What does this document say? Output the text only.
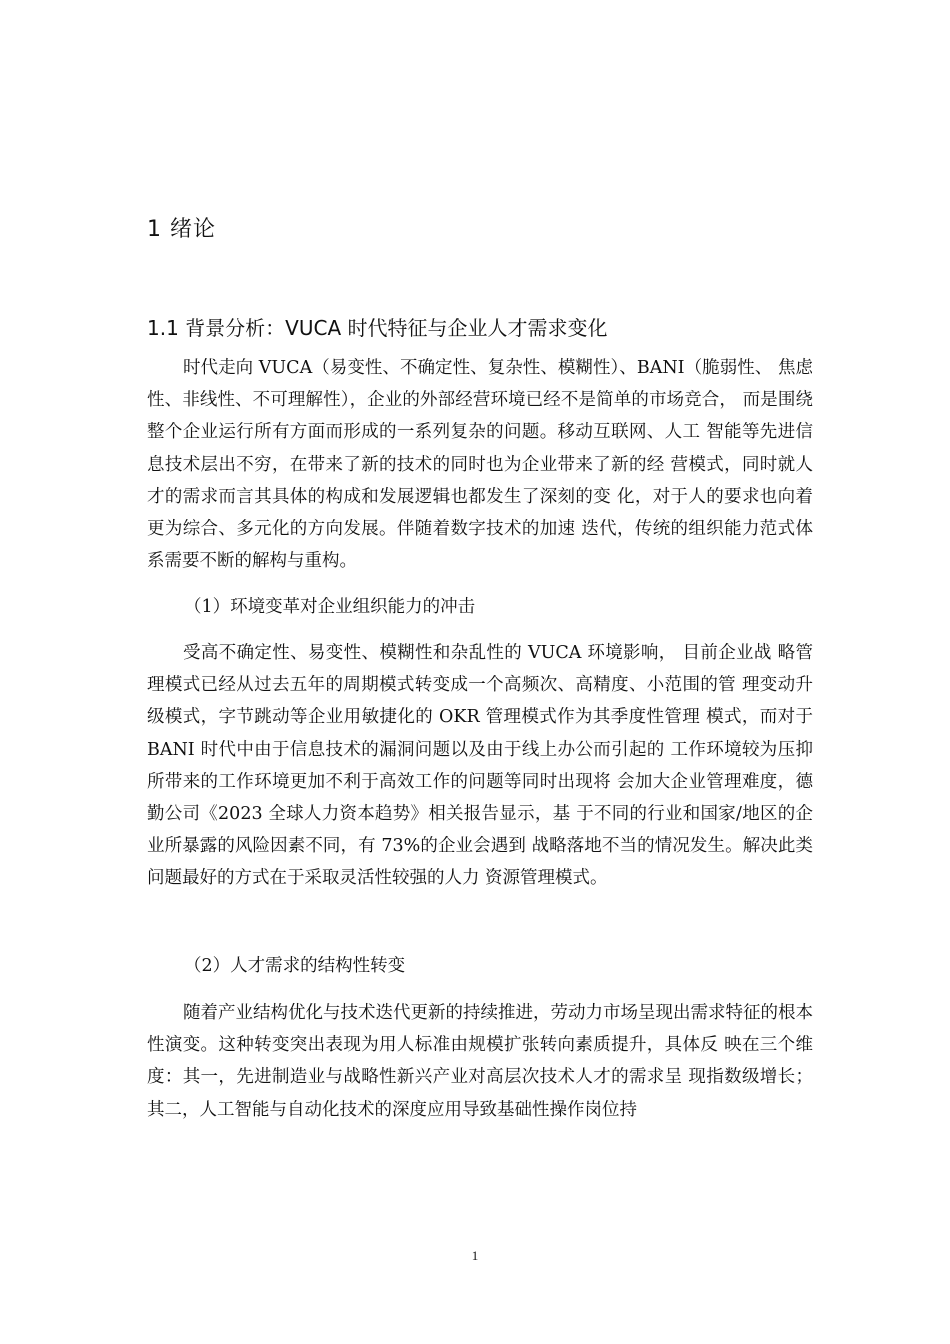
1 绪论
1.1 背景分析：VUCA 时代特征与企业人才需求变化
时代走向 VUCA（易变性、不确定性、复杂性、模糊性）、BANI（脆弱性、 焦虑性、非线性、不可理解性），企业的外部经营环境已经不是简单的市场竞合， 而是围绕整个企业运行所有方面而形成的一系列复杂的问题。移动互联网、人工 智能等先进信息技术层出不穷，在带来了新的技术的同时也为企业带来了新的经 营模式，同时就人才的需求而言其具体的构成和发展逻辑也都发生了深刻的变 化，对于人的要求也向着更为综合、多元化的方向发展。伴随着数字技术的加速 迭代，传统的组织能力范式体系需要不断的解构与重构。
（1）环境变革对企业组织能力的冲击
受高不确定性、易变性、模糊性和杂乱性的 VUCA 环境影响， 目前企业战 略管理模式已经从过去五年的周期模式转变成一个高频次、高精度、小范围的管 理变动升级模式，字节跳动等企业用敏捷化的 OKR 管理模式作为其季度性管理 模式，而对于 BANI 时代中由于信息技术的漏洞问题以及由于线上办公而引起的 工作环境较为压抑所带来的工作环境更加不利于高效工作的问题等同时出现将 会加大企业管理难度，德勤公司《2023 全球人力资本趋势》相关报告显示，基 于不同的行业和国家/地区的企业所暴露的风险因素不同，有 73%的企业会遇到 战略落地不当的情况发生。解决此类问题最好的方式在于采取灵活性较强的人力 资源管理模式。
（2）人才需求的结构性转变
随着产业结构优化与技术迭代更新的持续推进，劳动力市场呈现出需求特征的根本性演变。这种转变突出表现为用人标准由规模扩张转向素质提升，具体反 映在三个维度：其一，先进制造业与战略性新兴产业对高层次技术人才的需求呈 现指数级增长；其二，人工智能与自动化技术的深度应用导致基础性操作岗位持
1
